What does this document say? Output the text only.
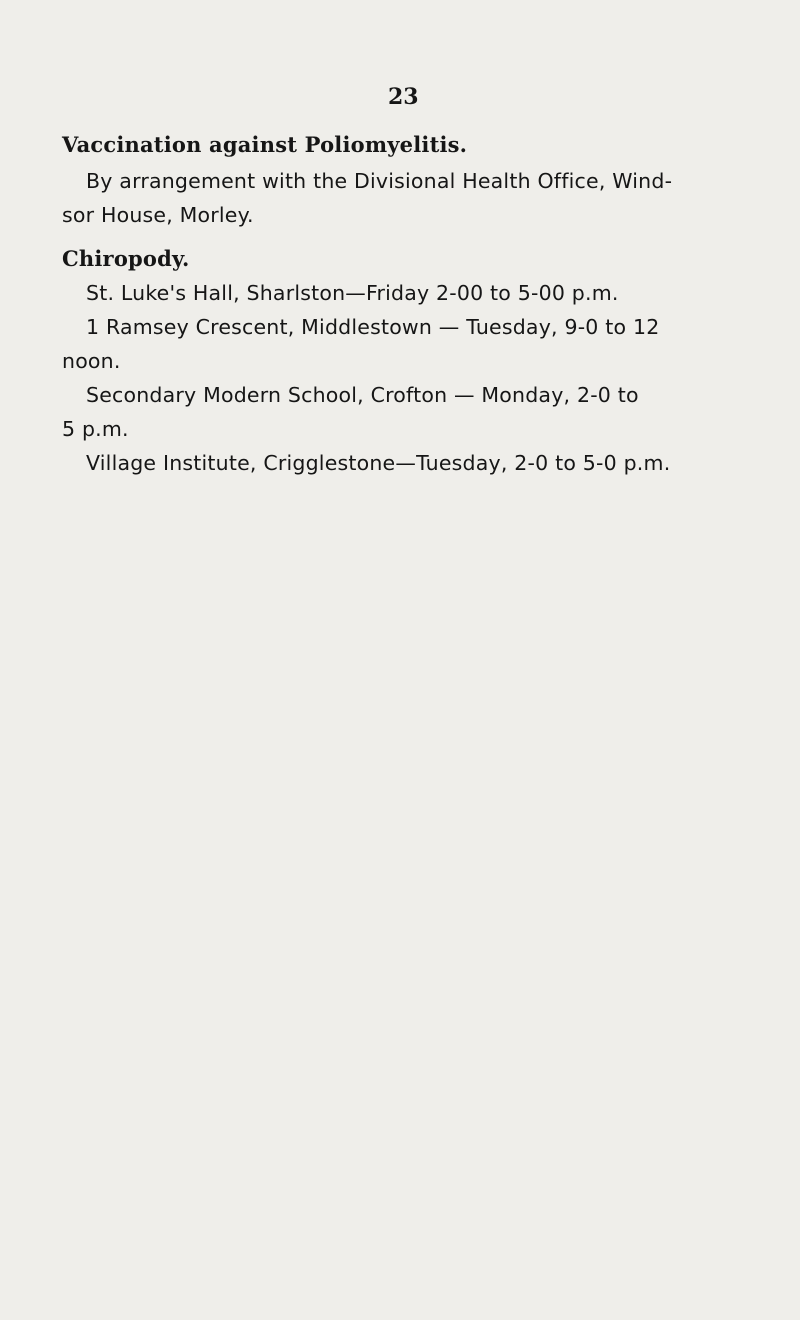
23
Vaccination against Poliomyelitis.
By arrangement with the Divisional Health Office, Wind-
sor House, Morley.
Chiropody.
St. Luke's Hall, Sharlston—Friday 2-00 to 5-00 p.m.
1 Ramsey Crescent, Middlestown — Tuesday, 9-0 to 12
noon.
Secondary Modern School, Crofton — Monday, 2-0 to
5 p.m.
Village Institute, Crigglestone—Tuesday, 2-0 to 5-0 p.m.
